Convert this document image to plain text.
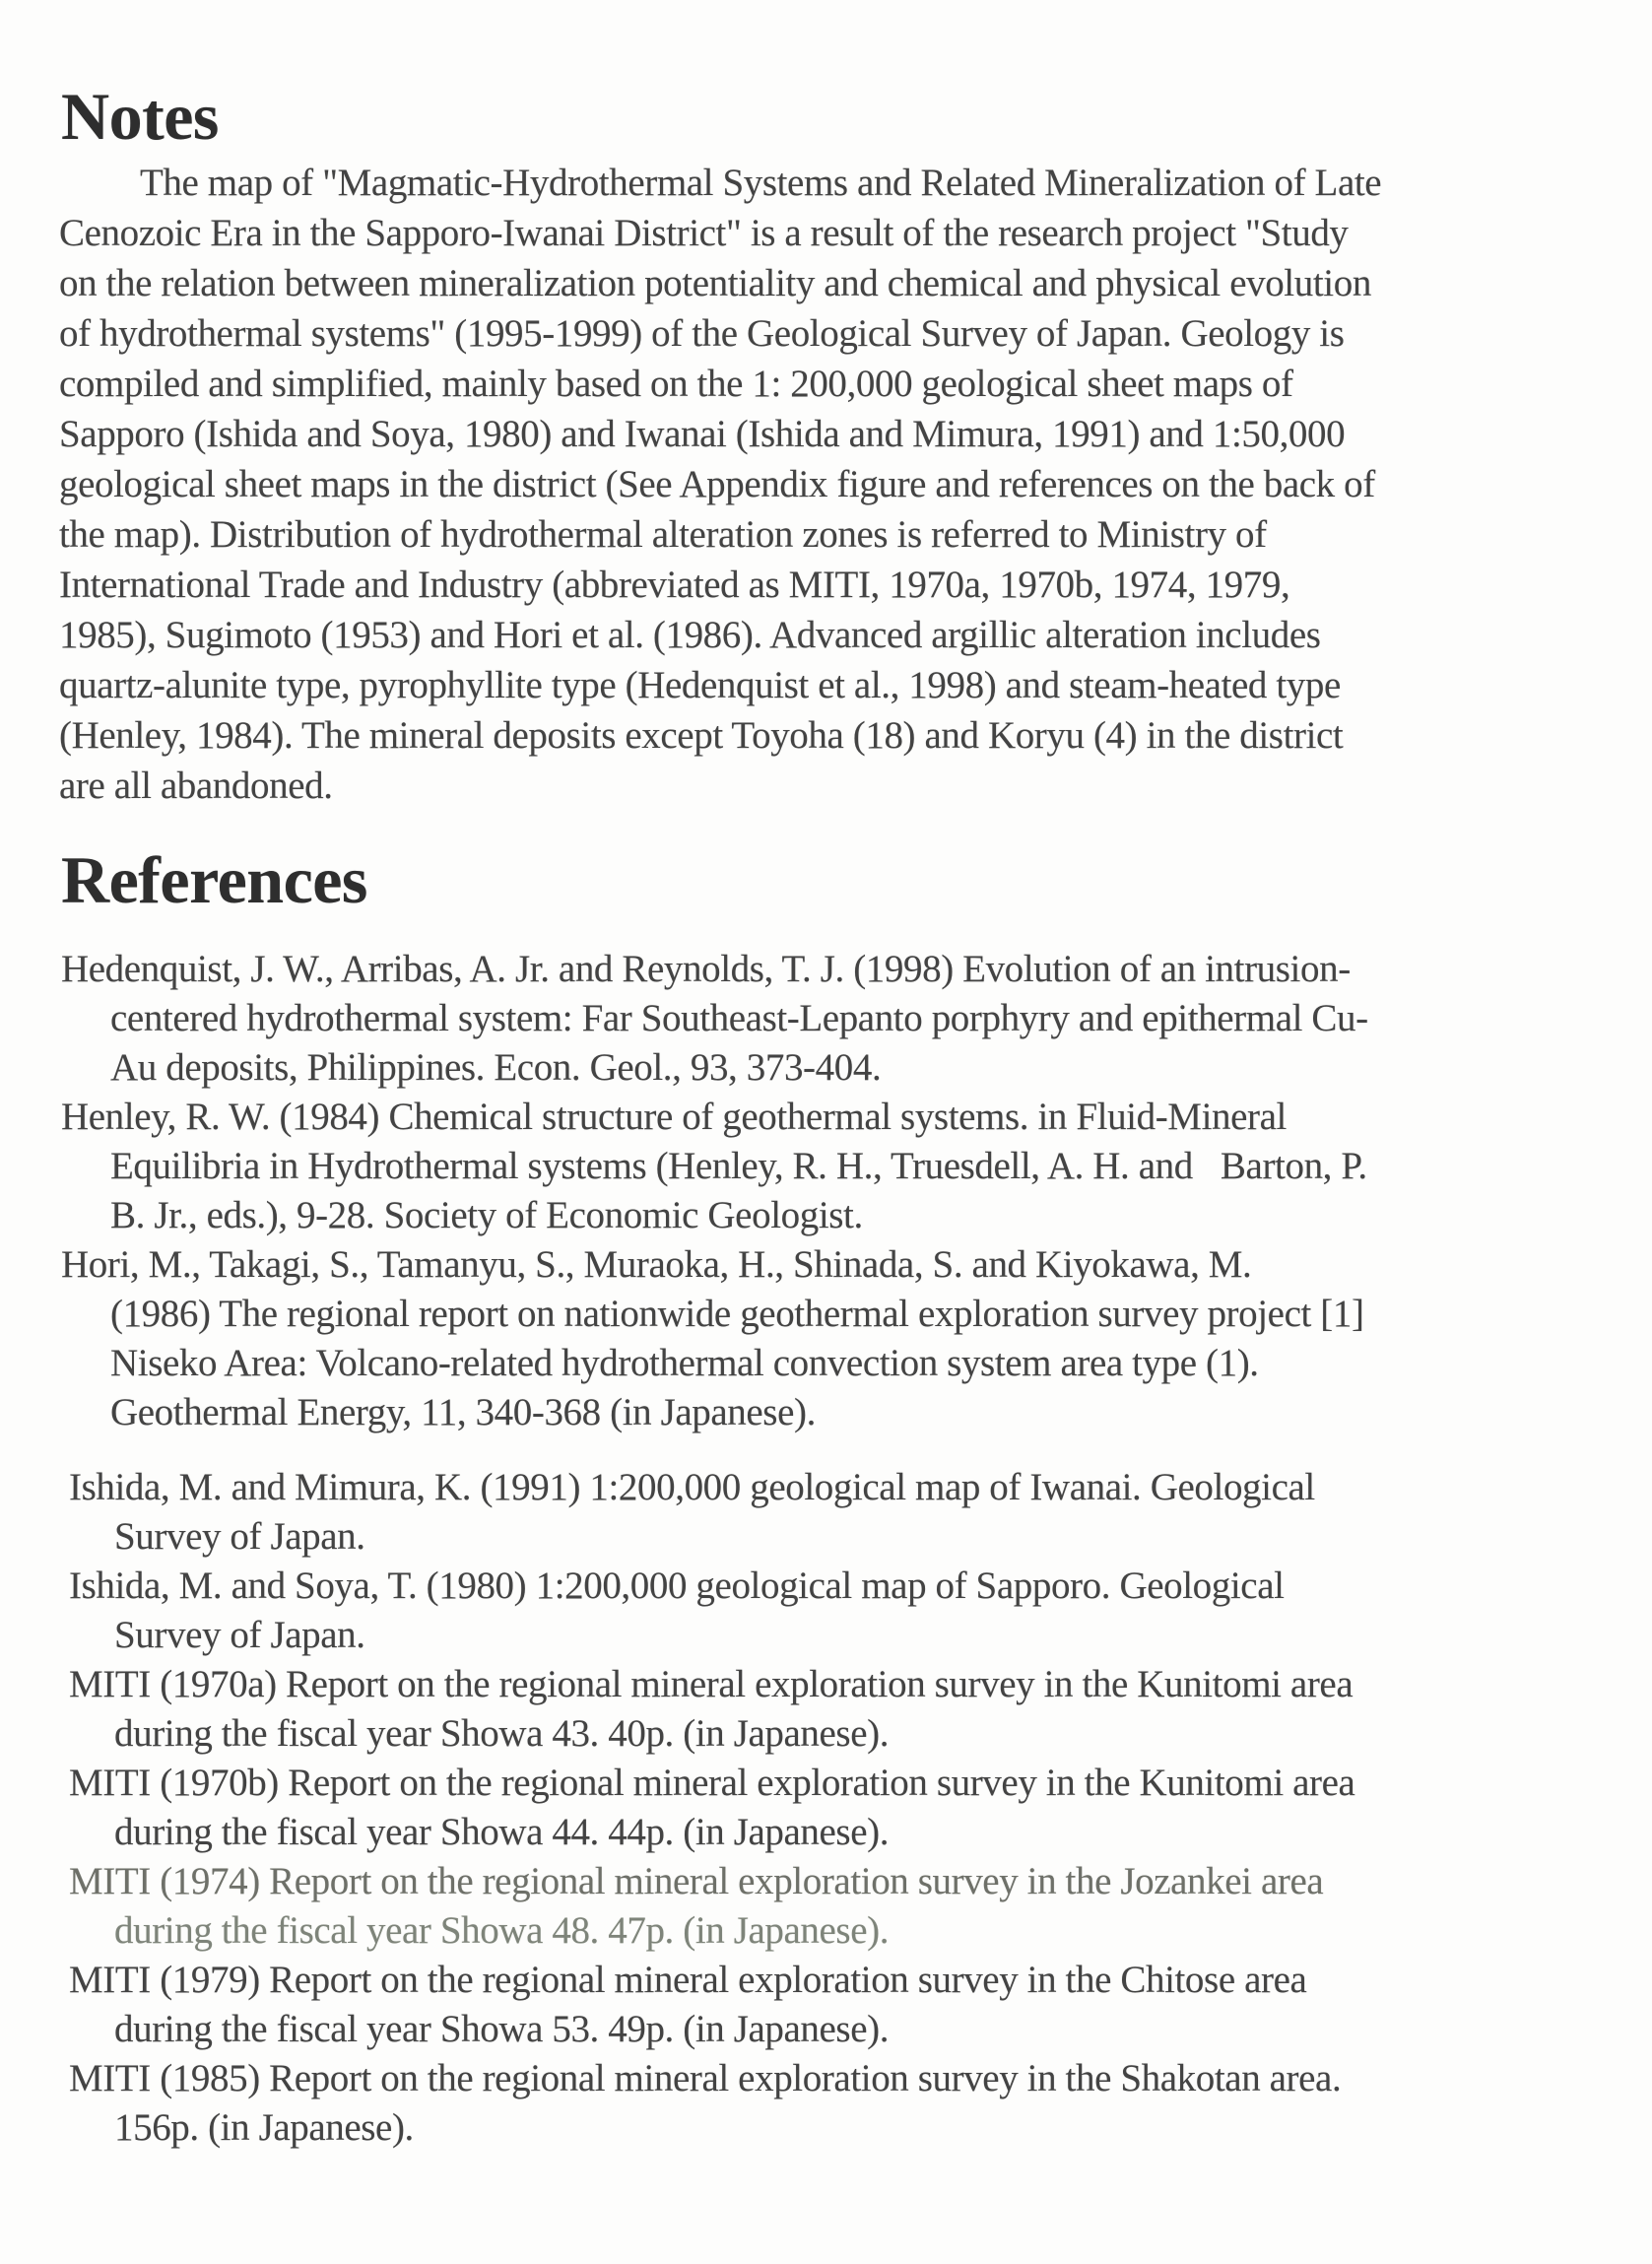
Notes
The map of "Magmatic-Hydrothermal Systems and Related Mineralization of Late
Cenozoic Era in the Sapporo-Iwanai District" is a result of the research project "Study
on the relation between mineralization potentiality and chemical and physical evolution
of hydrothermal systems" (1995-1999) of the Geological Survey of Japan. Geology is
compiled and simplified, mainly based on the 1: 200,000 geological sheet maps of
Sapporo (Ishida and Soya, 1980) and Iwanai (Ishida and Mimura, 1991) and 1:50,000
geological sheet maps in the district (See Appendix figure and references on the back of
the map). Distribution of hydrothermal alteration zones is referred to Ministry of
International Trade and Industry (abbreviated as MITI, 1970a, 1970b, 1974, 1979,
1985), Sugimoto (1953) and Hori et al. (1986). Advanced argillic alteration includes
quartz-alunite type, pyrophyllite type (Hedenquist et al., 1998) and steam-heated type
(Henley, 1984). The mineral deposits except Toyoha (18) and Koryu (4) in the district
are all abandoned.
References
Hedenquist, J. W., Arribas, A. Jr. and Reynolds, T. J. (1998) Evolution of an intrusion-
centered hydrothermal system: Far Southeast-Lepanto porphyry and epithermal Cu-
Au deposits, Philippines. Econ. Geol., 93, 373-404.
Henley, R. W. (1984) Chemical structure of geothermal systems. in Fluid-Mineral
Equilibria in Hydrothermal systems (Henley, R. H., Truesdell, A. H. and   Barton, P.
B. Jr., eds.), 9-28. Society of Economic Geologist.
Hori, M., Takagi, S., Tamanyu, S., Muraoka, H., Shinada, S. and Kiyokawa, M.
(1986) The regional report on nationwide geothermal exploration survey project [1]
Niseko Area: Volcano-related hydrothermal convection system area type (1).
Geothermal Energy, 11, 340-368 (in Japanese).
Ishida, M. and Mimura, K. (1991) 1:200,000 geological map of Iwanai. Geological
Survey of Japan.
Ishida, M. and Soya, T. (1980) 1:200,000 geological map of Sapporo. Geological
Survey of Japan.
MITI (1970a) Report on the regional mineral exploration survey in the Kunitomi area
during the fiscal year Showa 43. 40p. (in Japanese).
MITI (1970b) Report on the regional mineral exploration survey in the Kunitomi area
during the fiscal year Showa 44. 44p. (in Japanese).
MITI (1974) Report on the regional mineral exploration survey in the Jozankei area
during the fiscal year Showa 48. 47p. (in Japanese).
MITI (1979) Report on the regional mineral exploration survey in the Chitose area
during the fiscal year Showa 53. 49p. (in Japanese).
MITI (1985) Report on the regional mineral exploration survey in the Shakotan area.
156p. (in Japanese).
